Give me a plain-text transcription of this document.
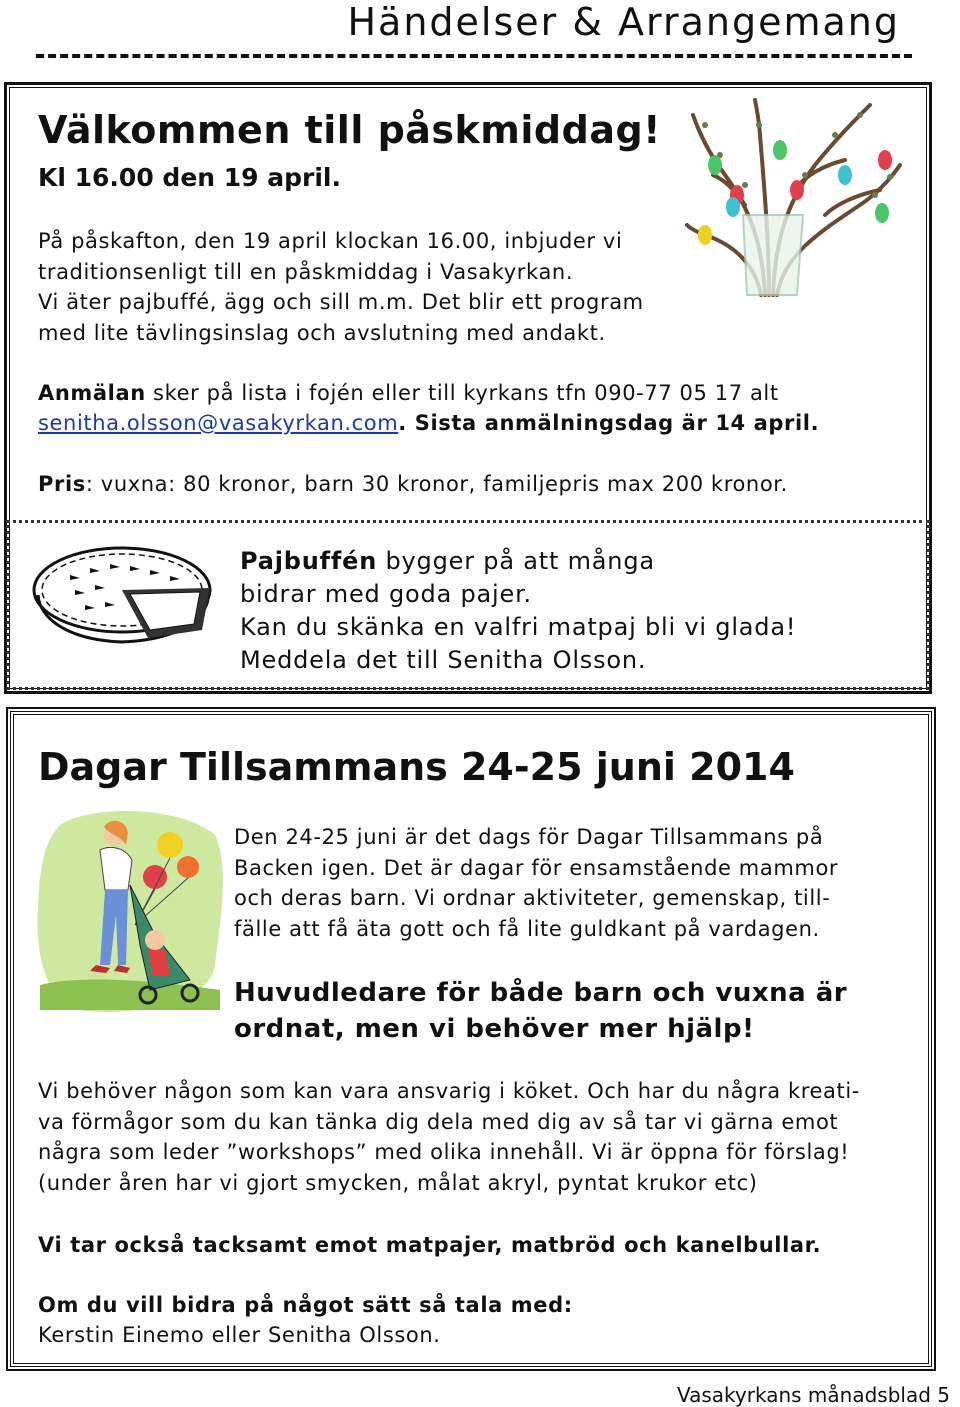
Händelser & Arrangemang
Välkommen till påskmiddag!
Kl 16.00 den 19 april.
På påskafton, den 19 april klockan 16.00, inbjuder vi
traditionsenligt till en påskmiddag i Vasakyrkan.
Vi äter pajbuffé, ägg och sill m.m. Det blir ett program
med lite tävlingsinslag och avslutning med andakt.
Anmälan sker på lista i fojén eller till kyrkans tfn 090-77 05 17 alt
senitha.olsson@vasakyrkan.com. Sista anmälningsdag är 14 april.
Pris: vuxna: 80 kronor, barn 30 kronor, familjepris max 200 kronor.
Pajbuffén bygger på att många
bidrar med goda pajer.
Kan du skänka en valfri matpaj bli vi glada!
Meddela det till Senitha Olsson.
Dagar Tillsammans 24-25 juni 2014
Den 24-25 juni är det dags för Dagar Tillsammans på
Backen igen. Det är dagar för ensamstående mammor
och deras barn. Vi ordnar aktiviteter, gemenskap, till-
fälle att få äta gott och få lite guldkant på vardagen.
Huvudledare för både barn och vuxna är
ordnat, men vi behöver mer hjälp!
Vi behöver någon som kan vara ansvarig i köket. Och har du några kreati-
va förmågor som du kan tänka dig dela med dig av så tar vi gärna emot
några som leder ”workshops” med olika innehåll. Vi är öppna för förslag!
(under åren har vi gjort smycken, målat akryl, pyntat krukor etc)
Vi tar också tacksamt emot matpajer, matbröd och kanelbullar.
Om du vill bidra på något sätt så tala med:
Kerstin Einemo eller Senitha Olsson.
Vasakyrkans månadsblad 5
